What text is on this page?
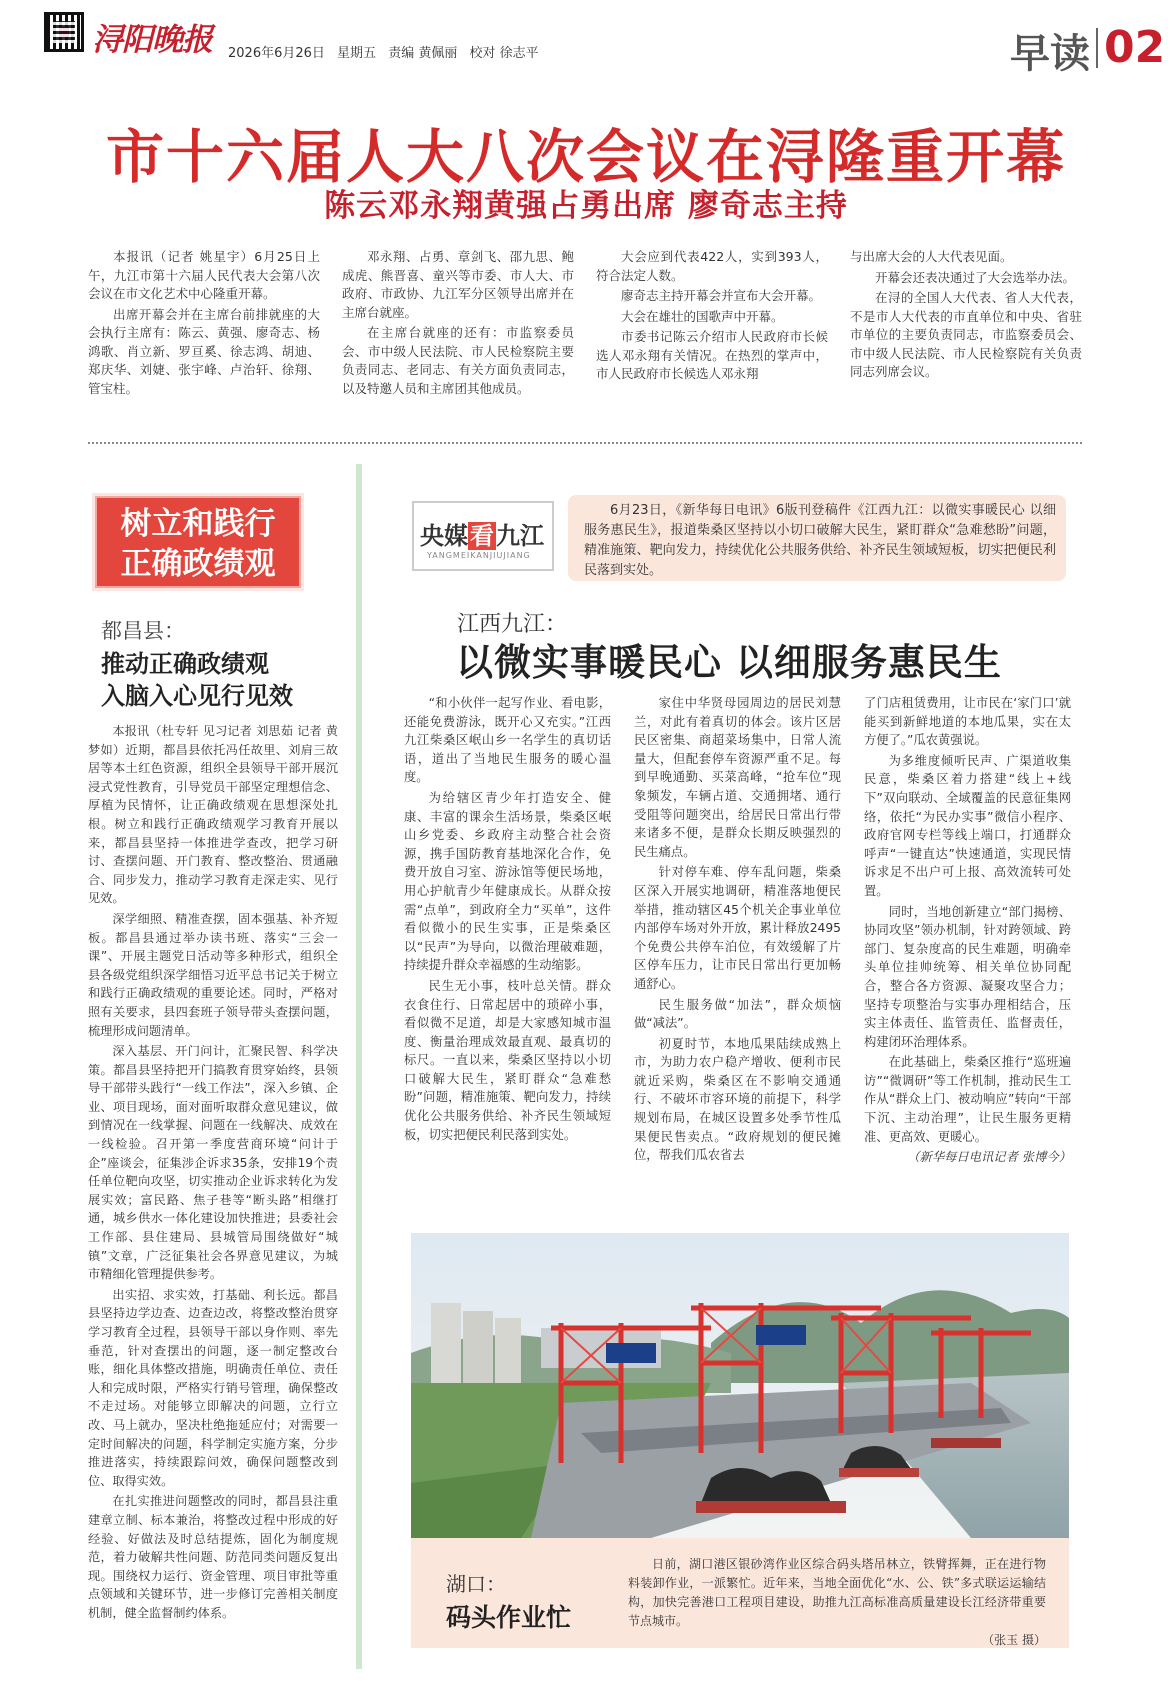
浔阳晚报 2026年6月26日 星期五 责编 黄佩丽 校对 徐志平	早读 02
市十六届人大八次会议在浔隆重开幕
陈云邓永翔黄强占勇出席 廖奇志主持

本报讯（记者 姚星宇）6月25日上午，九江市第十六届人民代表大会第八次会议在市文化艺术中心隆重开幕。

出席开幕会并在主席台前排就座的大会执行主席有：陈云、黄强、廖奇志、杨鸿歌、肖立新、罗亘奚、徐志鸿、胡迪、郑庆华、刘婕、张宇峰、卢治轩、徐翔、管宝柱。

邓永翔、占勇、章剑飞、邵九思、鲍成虎、熊晋喜、童兴等市委、市人大、市政府、市政协、九江军分区领导出席并在主席台就座。

在主席台就座的还有：市监察委员会、市中级人民法院、市人民检察院主要负责同志、老同志、有关方面负责同志，以及特邀人员和主席团其他成员。

大会应到代表422人，实到393人，符合法定人数。

廖奇志主持开幕会并宣布大会开幕。

大会在雄壮的国歌声中开幕。

市委书记陈云介绍市人民政府市长候选人邓永翔有关情况。在热烈的掌声中，市人民政府市长候选人邓永翔

与出席大会的人大代表见面。

开幕会还表决通过了大会选举办法。

在浔的全国人大代表、省人大代表，不是市人大代表的市直单位和中央、省驻市单位的主要负责同志，市监察委员会、市中级人民法院、市人民检察院有关负责同志列席会议。

树立和践行
正确政绩观
都昌县：
推动正确政绩观
入脑入心见行见效

本报讯（杜专轩 见习记者 刘思茹 记者 黄梦如）近期，都昌县依托冯任故里、刘肩三故居等本土红色资源，组织全县领导干部开展沉浸式党性教育，引导党员干部坚定理想信念、厚植为民情怀，让正确政绩观在思想深处扎根。树立和践行正确政绩观学习教育开展以来，都昌县坚持一体推进学查改，把学习研讨、查摆问题、开门教育、整改整治、贯通融合、同步发力，推动学习教育走深走实、见行见效。

深学细照、精准查摆，固本强基、补齐短板。都昌县通过举办读书班、落实“三会一课”、开展主题党日活动等多种形式，组织全县各级党组织深学细悟习近平总书记关于树立和践行正确政绩观的重要论述。同时，严格对照有关要求，县四套班子领导带头查摆问题，梳理形成问题清单。

深入基层、开门问计，汇聚民智、科学决策。都昌县坚持把开门搞教育贯穿始终，县领导干部带头践行“一线工作法”，深入乡镇、企业、项目现场，面对面听取群众意见建议，做到情况在一线掌握、问题在一线解决、成效在一线检验。召开第一季度营商环境“问计于企”座谈会，征集涉企诉求35条，安排19个责任单位靶向攻坚，切实推动企业诉求转化为发展实效；富民路、焦子巷等“断头路”相继打通，城乡供水一体化建设加快推进；县委社会工作部、县住建局、县城管局围绕做好“城镇”文章，广泛征集社会各界意见建议，为城市精细化管理提供参考。

出实招、求实效，打基础、利长远。都昌县坚持边学边查、边查边改，将整改整治贯穿学习教育全过程，县领导干部以身作则、率先垂范，针对查摆出的问题，逐一制定整改台账，细化具体整改措施，明确责任单位、责任人和完成时限，严格实行销号管理，确保整改不走过场。对能够立即解决的问题，立行立改、马上就办，坚决杜绝拖延应付；对需要一定时间解决的问题，科学制定实施方案，分步推进落实，持续跟踪问效，确保问题整改到位、取得实效。

在扎实推进问题整改的同时，都昌县注重建章立制、标本兼治，将整改过程中形成的好经验、好做法及时总结提炼，固化为制度规范，着力破解共性问题、防范同类问题反复出现。围绕权力运行、资金管理、项目审批等重点领域和关键环节，进一步修订完善相关制度机制，健全监督制约体系。

央媒看九江
YANGMEIKANJIUJIANG
6月23日，《新华每日电讯》6版刊登稿件《江西九江：以微实事暖民心 以细服务惠民生》，报道柴桑区坚持以小切口破解大民生，紧盯群众“急难愁盼”问题，精准施策、靶向发力，持续优化公共服务供给、补齐民生领域短板，切实把便民利民落到实处。
江西九江：
以微实事暖民心 以细服务惠民生

“和小伙伴一起写作业、看电影，还能免费游泳，既开心又充实。”江西九江柴桑区岷山乡一名学生的真切话语，道出了当地民生服务的暖心温度。

为给辖区青少年打造安全、健康、丰富的课余生活场景，柴桑区岷山乡党委、乡政府主动整合社会资源，携手国防教育基地深化合作，免费开放自习室、游泳馆等便民场地，用心护航青少年健康成长。从群众按需“点单”，到政府全力“买单”，这件看似微小的民生实事，正是柴桑区以“民声”为导向，以微治理破难题，持续提升群众幸福感的生动缩影。

民生无小事，枝叶总关情。群众衣食住行、日常起居中的琐碎小事，看似微不足道，却是大家感知城市温度、衡量治理成效最直观、最真切的标尺。一直以来，柴桑区坚持以小切口破解大民生，紧盯群众“急难愁盼”问题，精准施策、靶向发力，持续优化公共服务供给、补齐民生领域短板，切实把便民利民落到实处。

家住中华贤母园周边的居民刘慧兰，对此有着真切的体会。该片区居民区密集、商超菜场集中，日常人流量大，但配套停车资源严重不足。每到早晚通勤、买菜高峰，“抢车位”现象频发，车辆占道、交通拥堵、通行受阻等问题突出，给居民日常出行带来诸多不便，是群众长期反映强烈的民生痛点。

针对停车难、停车乱问题，柴桑区深入开展实地调研，精准落地便民举措，推动辖区45个机关企事业单位内部停车场对外开放，累计释放2495个免费公共停车泊位，有效缓解了片区停车压力，让市民日常出行更加畅通舒心。

民生服务做“加法”，群众烦恼做“减法”。

初夏时节，本地瓜果陆续成熟上市，为助力农户稳产增收、便利市民就近采购，柴桑区在不影响交通通行、不破坏市容环境的前提下，科学规划布局，在城区设置多处季节性瓜果便民售卖点。“政府规划的便民摊位，帮我们瓜农省去

了门店租赁费用，让市民在‘家门口’就能买到新鲜地道的本地瓜果，实在太方便了。”瓜农黄强说。

为多维度倾听民声、广渠道收集民意，柴桑区着力搭建“线上+线下”双向联动、全域覆盖的民意征集网络，依托“为民办实事”微信小程序、政府官网专栏等线上端口，打通群众呼声“一键直达”快速通道，实现民情诉求足不出户可上报、高效流转可处置。

同时，当地创新建立“部门揭榜、协同攻坚”领办机制，针对跨领域、跨部门、复杂度高的民生难题，明确牵头单位挂帅统筹、相关单位协同配合，整合各方资源、凝聚攻坚合力；坚持专项整治与实事办理相结合，压实主体责任、监管责任、监督责任，构建闭环治理体系。

在此基础上，柴桑区推行“巡班遍访”“微调研”等工作机制，推动民生工作从“群众上门、被动响应”转向“干部下沉、主动治理”，让民生服务更精准、更高效、更暖心。

（新华每日电讯记者 张博今）
湖口：
码头作业忙
日前，湖口港区银砂湾作业区综合码头塔吊林立，铁臂挥舞，正在进行物料装卸作业，一派繁忙。近年来，当地全面优化“水、公、铁”多式联运运输结构，加快完善港口工程项目建设，助推九江高标准高质量建设长江经济带重要节点城市。
（张玉 摄）
